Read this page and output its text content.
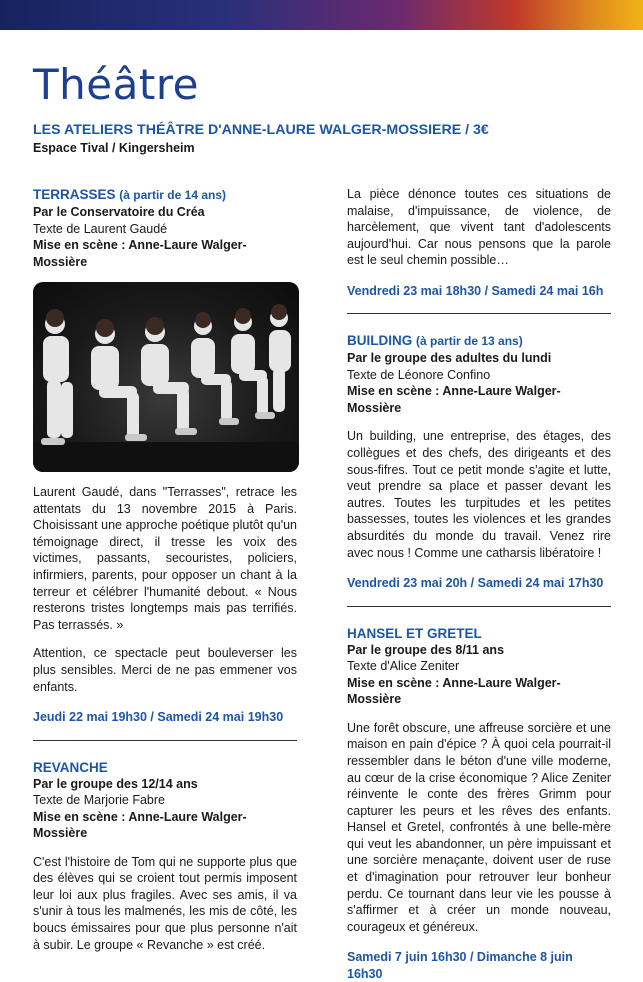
Théâtre
LES ATELIERS THÉÂTRE D'ANNE-LAURE WALGER-MOSSIERE / 3€
Espace Tival / Kingersheim
TERRASSES (à partir de 14 ans)
Par le Conservatoire du Créa
Texte de Laurent Gaudé
Mise en scène : Anne-Laure Walger-Mossière
Laurent Gaudé, dans "Terrasses", retrace les attentats du 13 novembre 2015 à Paris. Choisissant une approche poétique plutôt qu'un témoignage direct, il tresse les voix des victimes, passants, secouristes, policiers, infirmiers, parents, pour opposer un chant à la terreur et célébrer l'humanité debout. « Nous resterons tristes longtemps mais pas terrifiés. Pas terrassés. »
Attention, ce spectacle peut bouleverser les plus sensibles. Merci de ne pas emmener vos enfants.
Jeudi 22 mai 19h30 / Samedi 24 mai 19h30
REVANCHE
Par le groupe des 12/14 ans
Texte de Marjorie Fabre
Mise en scène : Anne-Laure Walger-Mossière
C'est l'histoire de Tom qui ne supporte plus que des élèves qui se croient tout permis imposent leur loi aux plus fragiles. Avec ses amis, il va s'unir à tous les malmenés, les mis de côté, les boucs émissaires pour que plus personne n'ait à subir. Le groupe « Revanche » est créé.
La pièce dénonce toutes ces situations de malaise, d'impuissance, de violence, de harcèlement, que vivent tant d'adolescents aujourd'hui. Car nous pensons que la parole est le seul chemin possible…
Vendredi 23 mai 18h30 / Samedi 24 mai 16h
BUILDING (à partir de 13 ans)
Par le groupe des adultes du lundi
Texte de Léonore Confino
Mise en scène : Anne-Laure Walger-Mossière
Un building, une entreprise, des étages, des collègues et des chefs, des dirigeants et des sous-fifres. Tout ce petit monde s'agite et lutte, veut prendre sa place et passer devant les autres. Toutes les turpitudes et les petites bassesses, toutes les violences et les grandes absurdités du monde du travail. Venez rire avec nous ! Comme une catharsis libératoire !
Vendredi 23 mai 20h / Samedi 24 mai 17h30
HANSEL ET GRETEL
Par le groupe des 8/11 ans
Texte d'Alice Zeniter
Mise en scène : Anne-Laure Walger-Mossière
Une forêt obscure, une affreuse sorcière et une maison en pain d'épice ? À quoi cela pourrait-il ressembler dans le béton d'une ville moderne, au cœur de la crise économique ? Alice Zeniter réinvente le conte des frères Grimm pour capturer les peurs et les rêves des enfants. Hansel et Gretel, confrontés à une belle-mère qui veut les abandonner, un père impuissant et une sorcière menaçante, doivent user de ruse et d'imagination pour retrouver leur bonheur perdu. Ce tournant dans leur vie les pousse à s'affirmer et à créer un monde nouveau, courageux et généreux.
Samedi 7 juin 16h30 / Dimanche 8 juin 16h30
